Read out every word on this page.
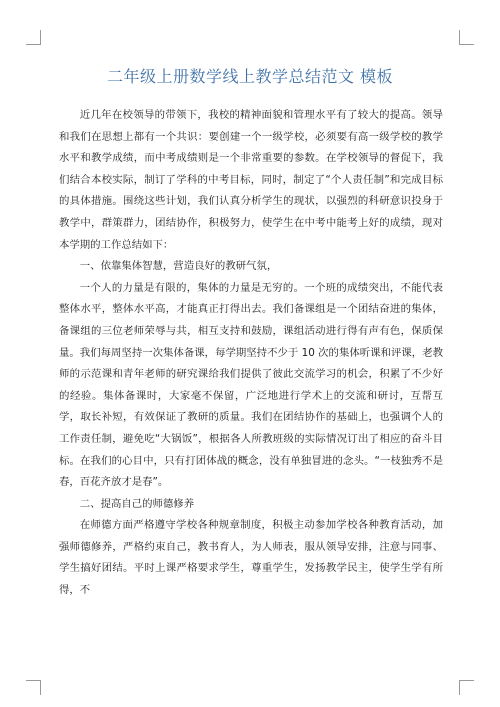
二年级上册数学线上教学总结范文 模板

近几年在校领导的带领下，我校的精神面貌和管理水平有了较大的提高。领导和我们在思想上都有一个共识：要创建一个一级学校，必须要有高一级学校的教学水平和教学成绩，而中考成绩则是一个非常重要的参数。在学校领导的督促下，我们结合本校实际，制订了学科的中考目标，同时，制定了“个人责任制”和完成目标的具体措施。围绕这些计划，我们认真分析学生的现状，以强烈的科研意识投身于教学中，群策群力，团结协作，积极努力，使学生在中考中能考上好的成绩，现对本学期的工作总结如下：

一、依靠集体智慧，营造良好的教研气氛，

一个人的力量是有限的，集体的力量是无穷的。一个班的成绩突出，不能代表整体水平，整体水平高，才能真正打得出去。我们备课组是一个团结奋进的集体，备课组的三位老师荣辱与共，相互支持和鼓励，课组活动进行得有声有色，保质保量。我们每周坚持一次集体备课，每学期坚持不少于 10 次的集体听课和评课，老教师的示范课和青年老师的研究课给我们提供了彼此交流学习的机会，积累了不少好的经验。集体备课时，大家毫不保留，广泛地进行学术上的交流和研讨，互帮互学，取长补短，有效保证了教研的质量。我们在团结协作的基础上，也强调个人的工作责任制，避免吃“大锅饭”，根据各人所教班级的实际情况订出了相应的奋斗目标。在我们的心目中，只有打团体战的概念，没有单独冒进的念头。“一枝独秀不是春，百花齐放才是春”。

二、提高自己的师德修养

在师德方面严格遵守学校各种规章制度，积极主动参加学校各种教育活动，加强师德修养，严格约束自己，教书育人，为人师表，服从领导安排，注意与同事、学生搞好团结。平时上课严格要求学生，尊重学生，发扬教学民主，使学生学有所得，不
